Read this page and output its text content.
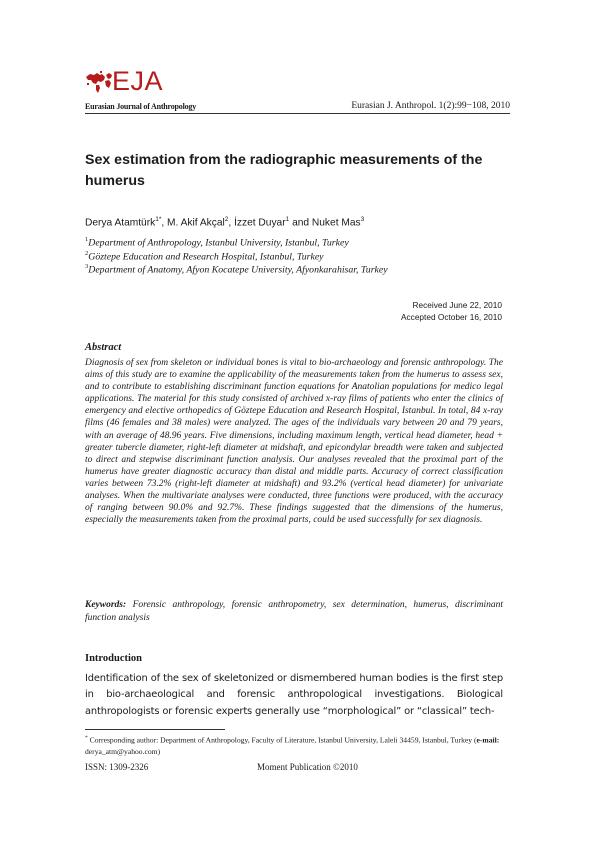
EJA
Eurasian Journal of Anthropology	Eurasian J. Anthropol. 1(2):99−108, 2010
Sex estimation from the radiographic measurements of the humerus
Derya Atamtürk$^{1*}$, M. Akif Akçal$^2$, İzzet Duyar$^1$ and Nuket Mas$^3$
$^1$Department of Anthropology, Istanbul University, Istanbul, Turkey
$^2$Göztepe Education and Research Hospital, Istanbul, Turkey
$^3$Department of Anatomy, Afyon Kocatepe University, Afyonkarahisar, Turkey
Received June 22, 2010
Accepted October 16, 2010
Abstract

Diagnosis of sex from skeleton or individual bones is vital to bio-archaeology and forensic anthropology. The aims of this study are to examine the applicability of the measurements taken from the humerus to assess sex, and to contribute to establishing discriminant function equations for Anatolian populations for medico legal applications. The material for this study consisted of archived x-ray films of patients who enter the clinics of emergency and elective orthopedics of Göztepe Education and Research Hospital, Istanbul. In total, 84 x-ray films (46 females and 38 males) were analyzed. The ages of the individuals vary between 20 and 79 years, with an average of 48.96 years. Five dimensions, including maximum length, vertical head diameter, head + greater tubercle diameter, right-left diameter at midshaft, and epicondylar breadth were taken and subjected to direct and stepwise discriminant function analysis. Our analyses revealed that the proximal part of the humerus have greater diagnostic accuracy than distal and middle parts. Accuracy of correct classification varies between 73.2% (right-left diameter at midshaft) and 93.2% (vertical head diameter) for univariate analyses. When the multivariate analyses were conducted, three functions were produced, with the accuracy of ranging between 90.0% and 92.7%. These findings suggested that the dimensions of the humerus, especially the measurements taken from the proximal parts, could be used successfully for sex diagnosis.

Keywords: Forensic anthropology, forensic anthropometry, sex determination, humerus, discriminant function analysis

Introduction

Identification of the sex of skeletonized or dismembered human bodies is the first step in bio-archaeological and forensic anthropological investigations. Biological anthropologists or forensic experts generally use “morphological” or “classical” tech-

* Corresponding author: Department of Anthropology, Faculty of Literature, Istanbul University, Laleli 34459, Istanbul, Turkey (e-mail: derya_atm@yahoo.com)

ISSN: 1309-2326	Moment Publication ©2010
